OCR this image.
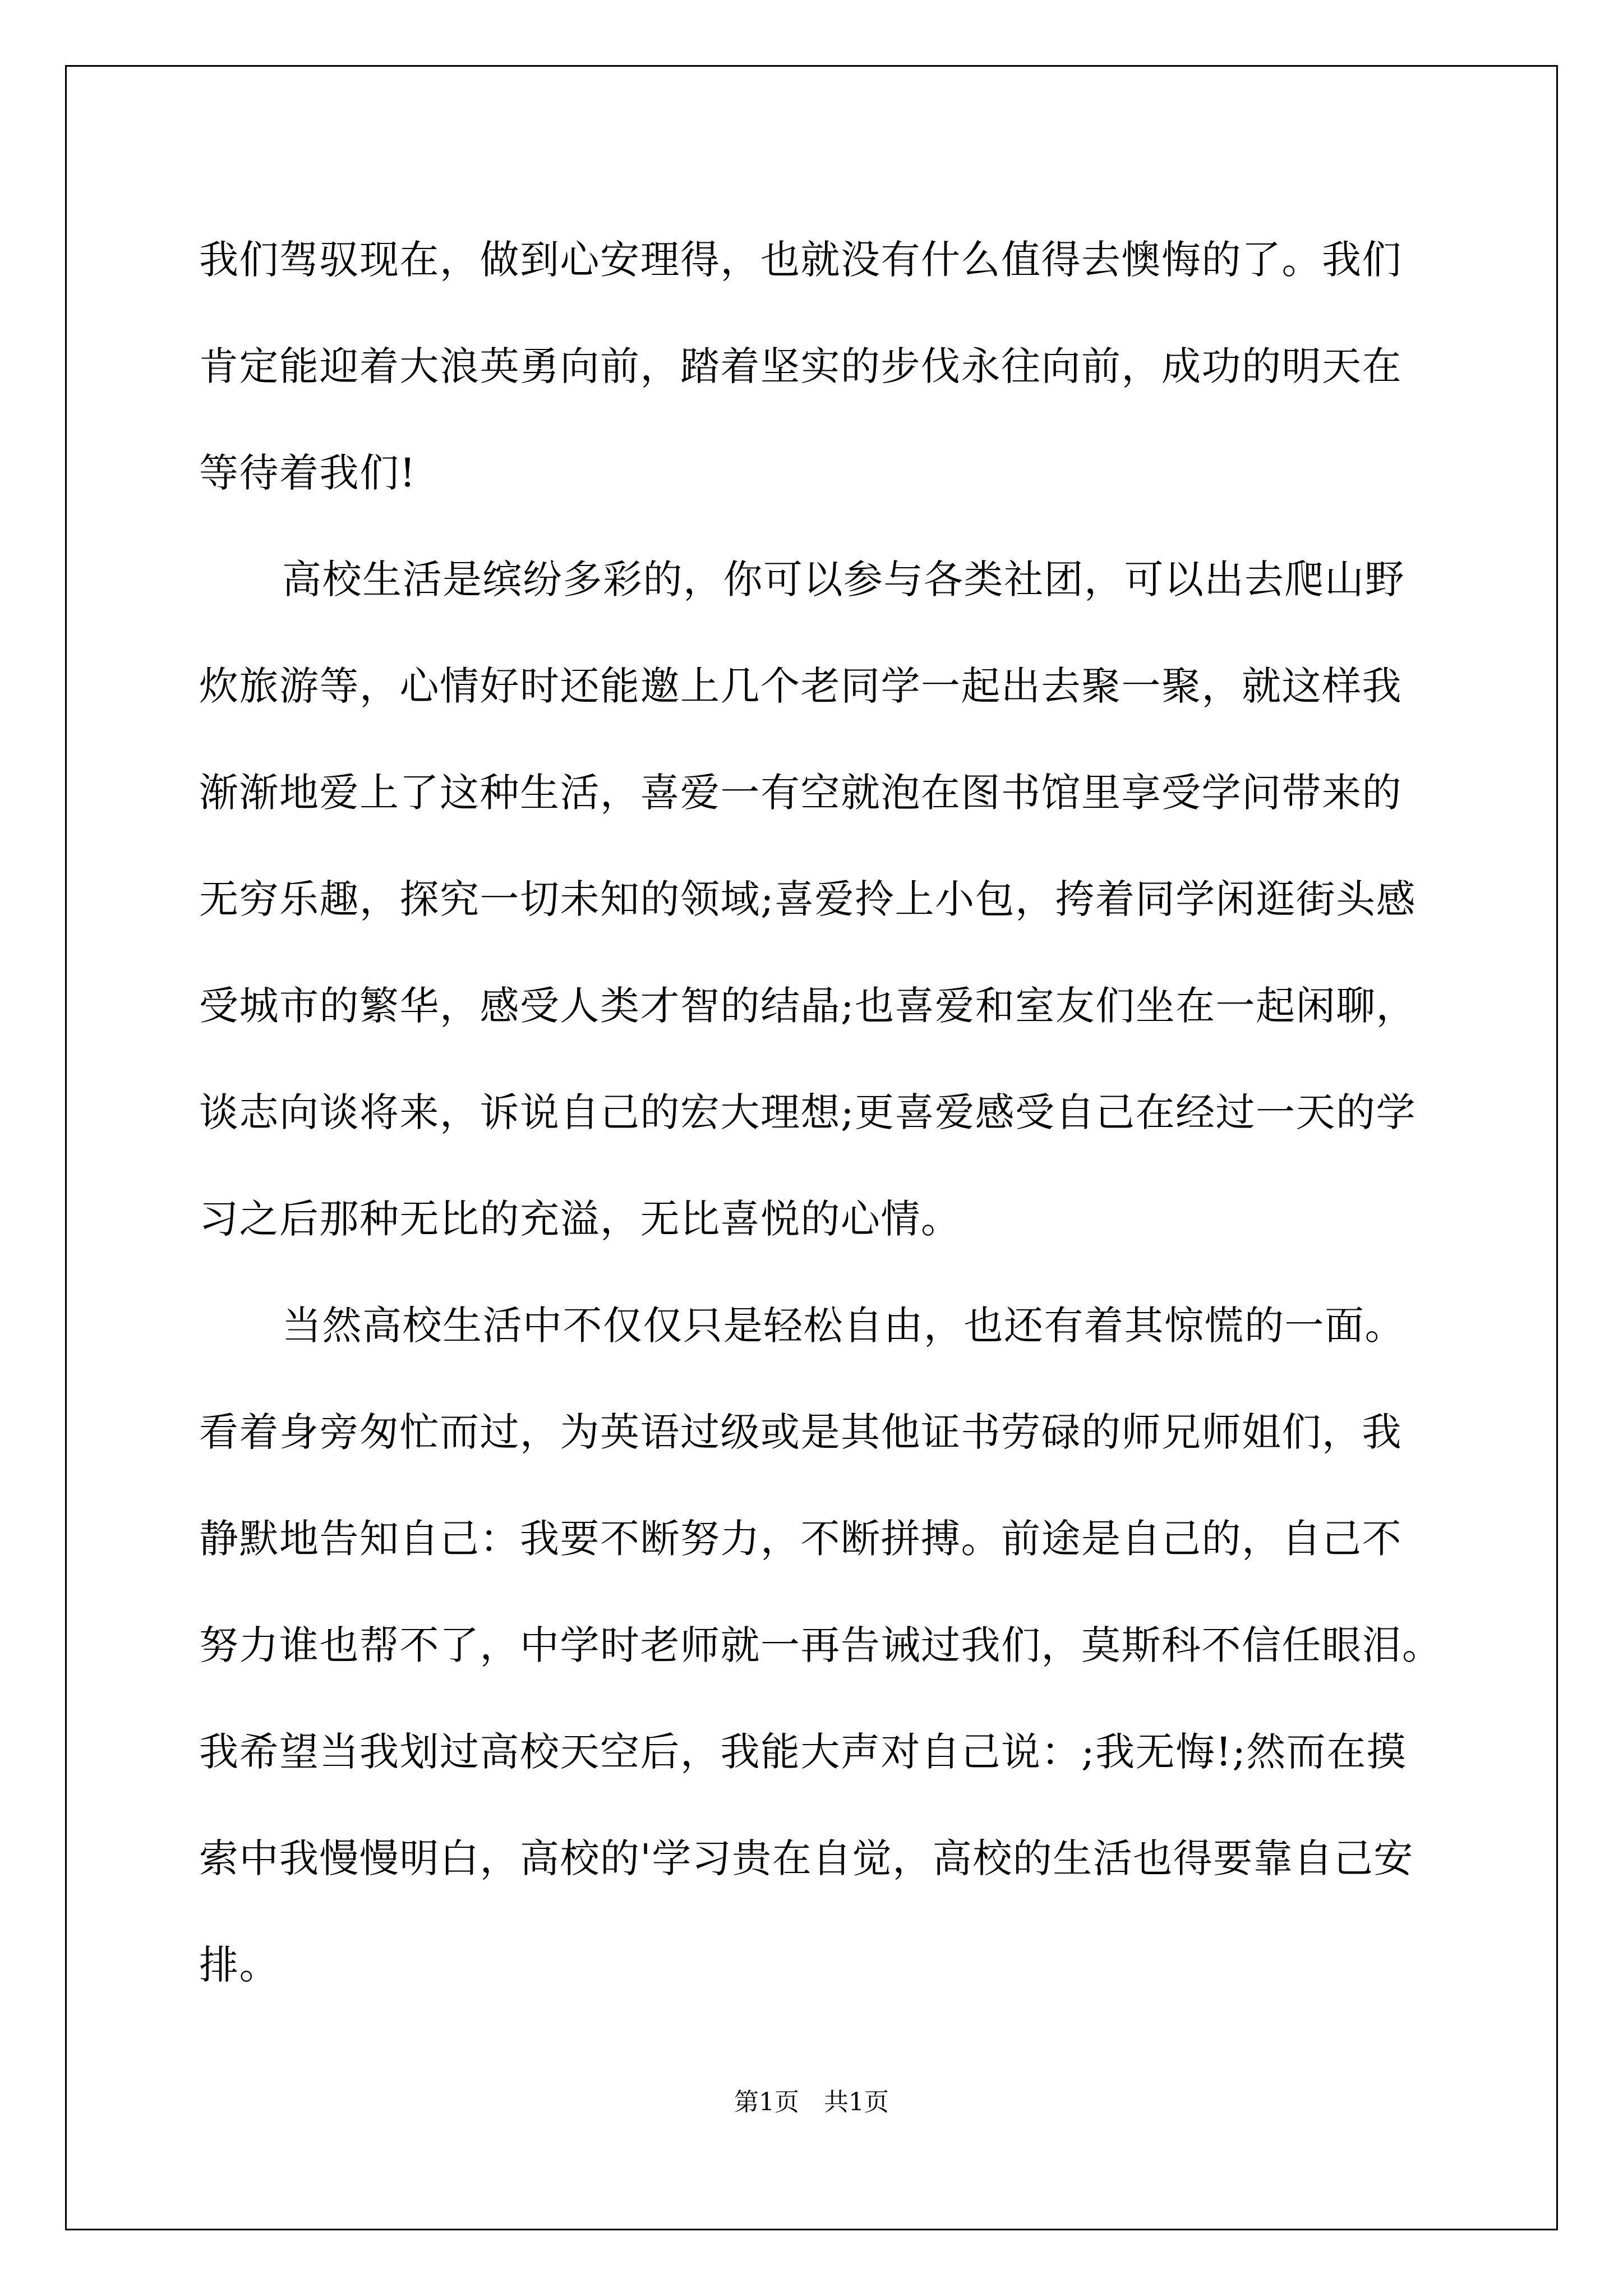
我们驾驭现在，做到心安理得，也就没有什么值得去懊悔的了。我们
肯定能迎着大浪英勇向前，踏着坚实的步伐永往向前，成功的明天在
等待着我们!
高校生活是缤纷多彩的，你可以参与各类社团，可以出去爬山野
炊旅游等，心情好时还能邀上几个老同学一起出去聚一聚，就这样我
渐渐地爱上了这种生活，喜爱一有空就泡在图书馆里享受学问带来的
无穷乐趣，探究一切未知的领域;喜爱拎上小包，挎着同学闲逛街头感
受城市的繁华，感受人类才智的结晶;也喜爱和室友们坐在一起闲聊，
谈志向谈将来，诉说自己的宏大理想;更喜爱感受自己在经过一天的学
习之后那种无比的充溢，无比喜悦的心情。
当然高校生活中不仅仅只是轻松自由，也还有着其惊慌的一面。
看着身旁匆忙而过，为英语过级或是其他证书劳碌的师兄师姐们，我
静默地告知自己：我要不断努力，不断拼搏。前途是自己的，自己不
努力谁也帮不了，中学时老师就一再告诫过我们，莫斯科不信任眼泪。
我希望当我划过高校天空后，我能大声对自己说：;我无悔!;然而在摸
索中我慢慢明白，高校的'学习贵在自觉，高校的生活也得要靠自己安
排。
第1页　共1页
